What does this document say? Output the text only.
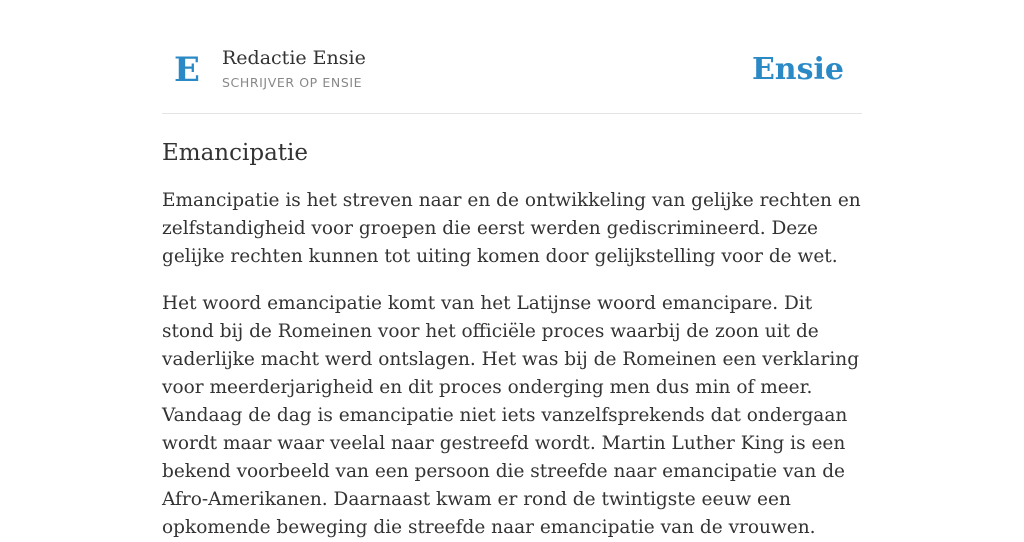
E Redactie Ensie
SCHRIJVER OP ENSIE	Ensie
Emancipatie

Emancipatie is het streven naar en de ontwikkeling van gelijke rechten en zelfstandigheid voor groepen die eerst werden gediscrimineerd. Deze gelijke rechten kunnen tot uiting komen door gelijkstelling voor de wet.

Het woord emancipatie komt van het Latijnse woord emancipare. Dit stond bij de Romeinen voor het officiële proces waarbij de zoon uit de vaderlijke macht werd ontslagen. Het was bij de Romeinen een verklaring voor meerderjarigheid en dit proces onderging men dus min of meer. Vandaag de dag is emancipatie niet iets vanzelfsprekends dat ondergaan wordt maar waar veelal naar gestreefd wordt. Martin Luther King is een bekend voorbeeld van een persoon die streefde naar emancipatie van de Afro-Amerikanen. Daarnaast kwam er rond de twintigste eeuw een opkomende beweging die streefde naar emancipatie van de vrouwen.
